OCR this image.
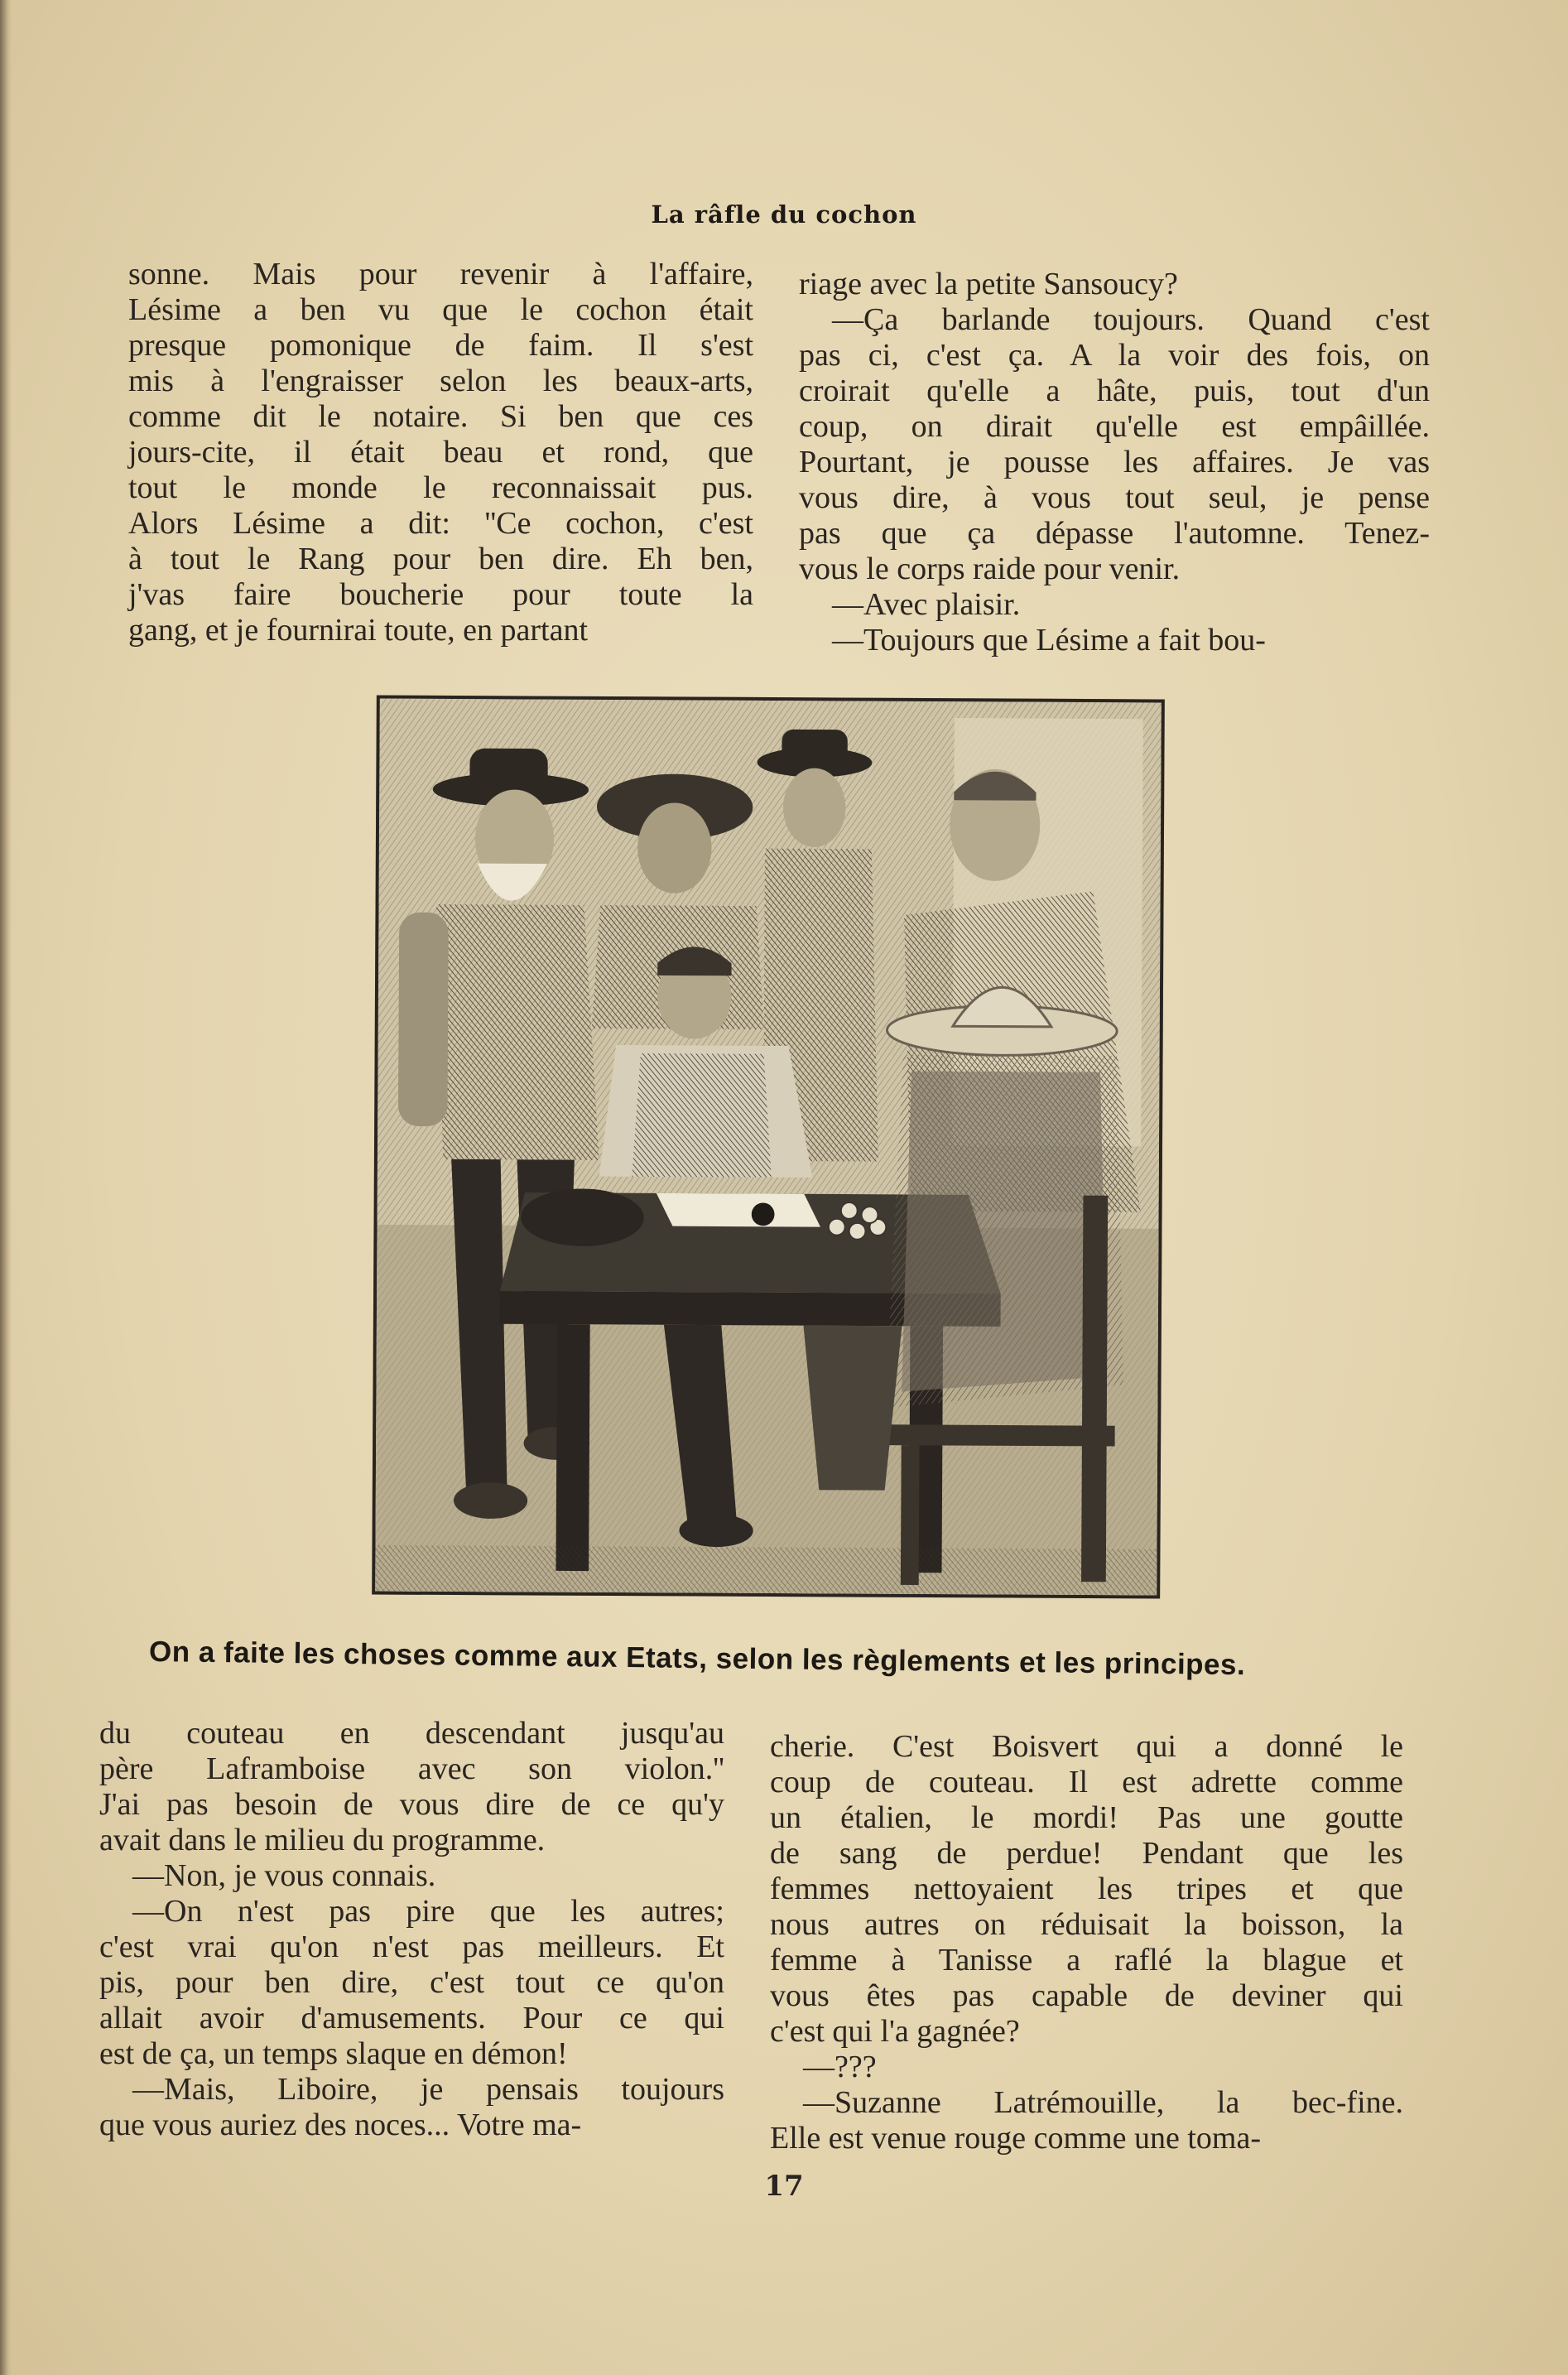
La râfle du cochon
sonne. Mais pour revenir à l'affaire,
Lésime a ben vu que le cochon était
presque pomonique de faim. Il s'est
mis à l'engraisser selon les beaux-arts,
comme dit le notaire. Si ben que ces
jours-cite, il était beau et rond, que
tout le monde le reconnaissait pus.
Alors Lésime a dit: ''Ce cochon, c'est
à tout le Rang pour ben dire. Eh ben,
j'vas faire boucherie pour toute la
gang, et je fournirai toute, en partant
riage avec la petite Sansoucy?
—Ça barlande toujours. Quand c'est
pas ci, c'est ça. A la voir des fois, on
croirait qu'elle a hâte, puis, tout d'un
coup, on dirait qu'elle est empâillée.
Pourtant, je pousse les affaires. Je vas
vous dire, à vous tout seul, je pense
pas que ça dépasse l'automne. Tenez-
vous le corps raide pour venir.
—Avec plaisir.
—Toujours que Lésime a fait bou-
On a faite les choses comme aux Etats, selon les règlements et les principes.
du couteau en descendant jusqu'au
père Laframboise avec son violon.''
J'ai pas besoin de vous dire de ce qu'y
avait dans le milieu du programme.
—Non, je vous connais.
—On n'est pas pire que les autres;
c'est vrai qu'on n'est pas meilleurs. Et
pis, pour ben dire, c'est tout ce qu'on
allait avoir d'amusements. Pour ce qui
est de ça, un temps slaque en démon!
—Mais, Liboire, je pensais toujours
que vous auriez des noces... Votre ma-
cherie. C'est Boisvert qui a donné le
coup de couteau. Il est adrette comme
un étalien, le mordi! Pas une goutte
de sang de perdue! Pendant que les
femmes nettoyaient les tripes et que
nous autres on réduisait la boisson, la
femme à Tanisse a raflé la blague et
vous êtes pas capable de deviner qui
c'est qui l'a gagnée?
—???
—Suzanne Latrémouille, la bec-fine.
Elle est venue rouge comme une toma-
17
